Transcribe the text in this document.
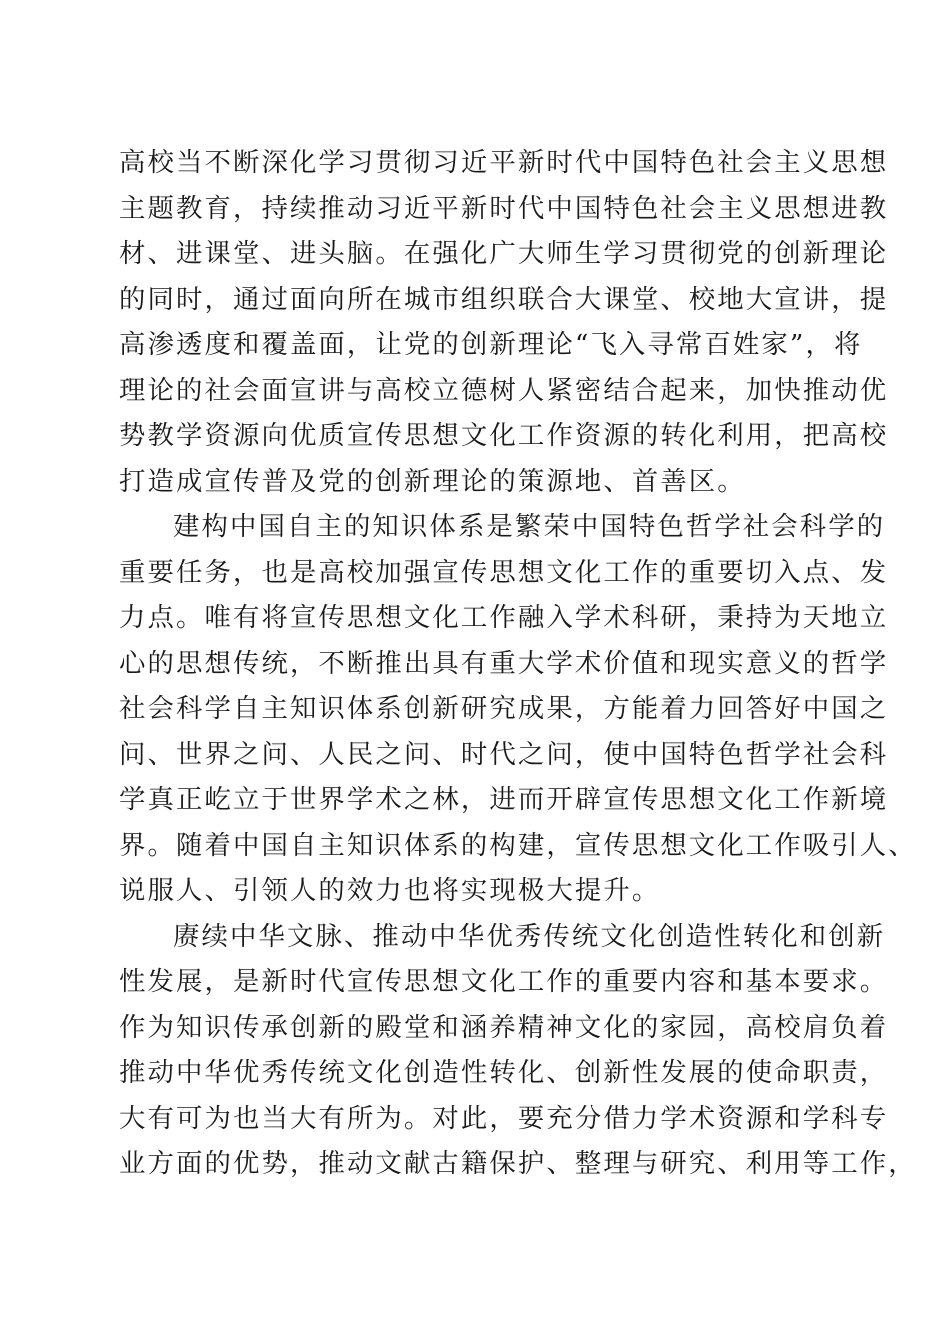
高校当不断深化学习贯彻习近平新时代中国特色社会主义思想
主题教育，持续推动习近平新时代中国特色社会主义思想进教
材、进课堂、进头脑。在强化广大师生学习贯彻党的创新理论
的同时，通过面向所在城市组织联合大课堂、校地大宣讲，提
高渗透度和覆盖面，让党的创新理论“飞入寻常百姓家”，将
理论的社会面宣讲与高校立德树人紧密结合起来，加快推动优
势教学资源向优质宣传思想文化工作资源的转化利用，把高校
打造成宣传普及党的创新理论的策源地、首善区。
建构中国自主的知识体系是繁荣中国特色哲学社会科学的
重要任务，也是高校加强宣传思想文化工作的重要切入点、发
力点。唯有将宣传思想文化工作融入学术科研，秉持为天地立
心的思想传统，不断推出具有重大学术价值和现实意义的哲学
社会科学自主知识体系创新研究成果，方能着力回答好中国之
问、世界之问、人民之问、时代之问，使中国特色哲学社会科
学真正屹立于世界学术之林，进而开辟宣传思想文化工作新境
界。随着中国自主知识体系的构建，宣传思想文化工作吸引人、
说服人、引领人的效力也将实现极大提升。
赓续中华文脉、推动中华优秀传统文化创造性转化和创新
性发展，是新时代宣传思想文化工作的重要内容和基本要求。
作为知识传承创新的殿堂和涵养精神文化的家园，高校肩负着
推动中华优秀传统文化创造性转化、创新性发展的使命职责，
大有可为也当大有所为。对此，要充分借力学术资源和学科专
业方面的优势，推动文献古籍保护、整理与研究、利用等工作，
